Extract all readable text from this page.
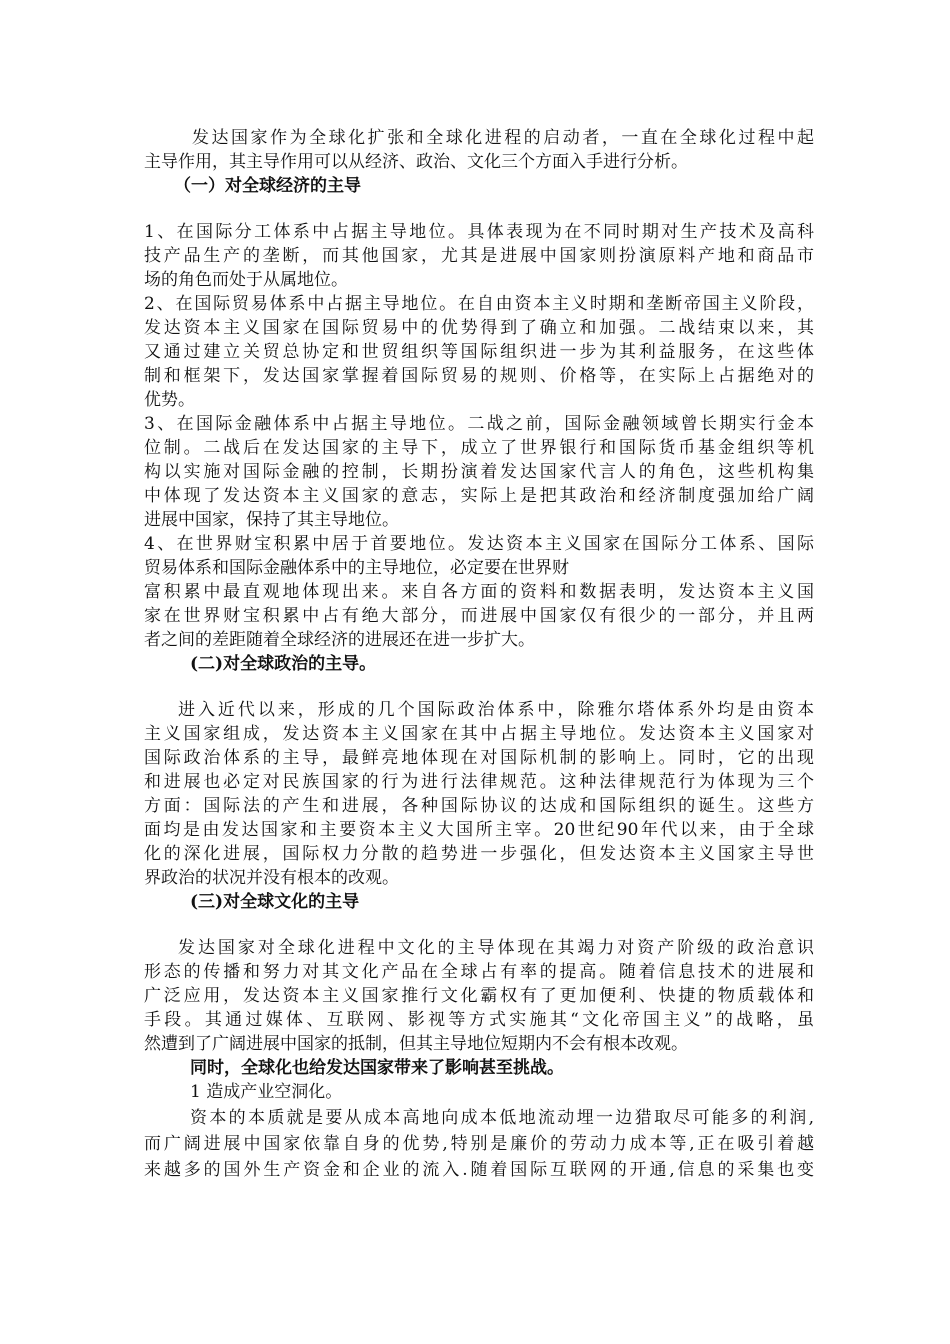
发达国家作为全球化扩张和全球化进程的启动者，一直在全球化过程中起
主导作用，其主导作用可以从经济、政治、文化三个方面入手进行分析。
（一）对全球经济的主导
1、在国际分工体系中占据主导地位。具体表现为在不同时期对生产技术及高科
技产品生产的垄断，而其他国家，尤其是进展中国家则扮演原料产地和商品市
场的角色而处于从属地位。
2、在国际贸易体系中占据主导地位。在自由资本主义时期和垄断帝国主义阶段，
发达资本主义国家在国际贸易中的优势得到了确立和加强。二战结束以来，其
又通过建立关贸总协定和世贸组织等国际组织进一步为其利益服务，在这些体
制和框架下，发达国家掌握着国际贸易的规则、价格等，在实际上占据绝对的
优势。
3、在国际金融体系中占据主导地位。二战之前，国际金融领域曾长期实行金本
位制。二战后在发达国家的主导下，成立了世界银行和国际货币基金组织等机
构以实施对国际金融的控制，长期扮演着发达国家代言人的角色，这些机构集
中体现了发达资本主义国家的意志，实际上是把其政治和经济制度强加给广阔
进展中国家，保持了其主导地位。
4、在世界财宝积累中居于首要地位。发达资本主义国家在国际分工体系、国际
贸易体系和国际金融体系中的主导地位，必定要在世界财
富积累中最直观地体现出来。来自各方面的资料和数据表明，发达资本主义国
家在世界财宝积累中占有绝大部分，而进展中国家仅有很少的一部分，并且两
者之间的差距随着全球经济的进展还在进一步扩大。
(二)对全球政治的主导。
进入近代以来，形成的几个国际政治体系中，除雅尔塔体系外均是由资本
主义国家组成，发达资本主义国家在其中占据主导地位。发达资本主义国家对
国际政治体系的主导，最鲜亮地体现在对国际机制的影响上。同时，它的出现
和进展也必定对民族国家的行为进行法律规范。这种法律规范行为体现为三个
方面：国际法的产生和进展，各种国际协议的达成和国际组织的诞生。这些方
面均是由发达国家和主要资本主义大国所主宰。20世纪90年代以来，由于全球
化的深化进展，国际权力分散的趋势进一步强化，但发达资本主义国家主导世
界政治的状况并没有根本的改观。
(三)对全球文化的主导
发达国家对全球化进程中文化的主导体现在其竭力对资产阶级的政治意识
形态的传播和努力对其文化产品在全球占有率的提高。随着信息技术的进展和
广泛应用，发达资本主义国家推行文化霸权有了更加便利、快捷的物质载体和
手段。其通过媒体、互联网、影视等方式实施其“文化帝国主义”的战略，虽
然遭到了广阔进展中国家的抵制，但其主导地位短期内不会有根本改观。
同时，全球化也给发达国家带来了影响甚至挑战。
1 造成产业空洞化。
资本的本质就是要从成本高地向成本低地流动埋一边猎取尽可能多的利润,
而广阔进展中国家依靠自身的优势,特别是廉价的劳动力成本等,正在吸引着越
来越多的国外生产资金和企业的流入.随着国际互联网的开通,信息的采集也变
